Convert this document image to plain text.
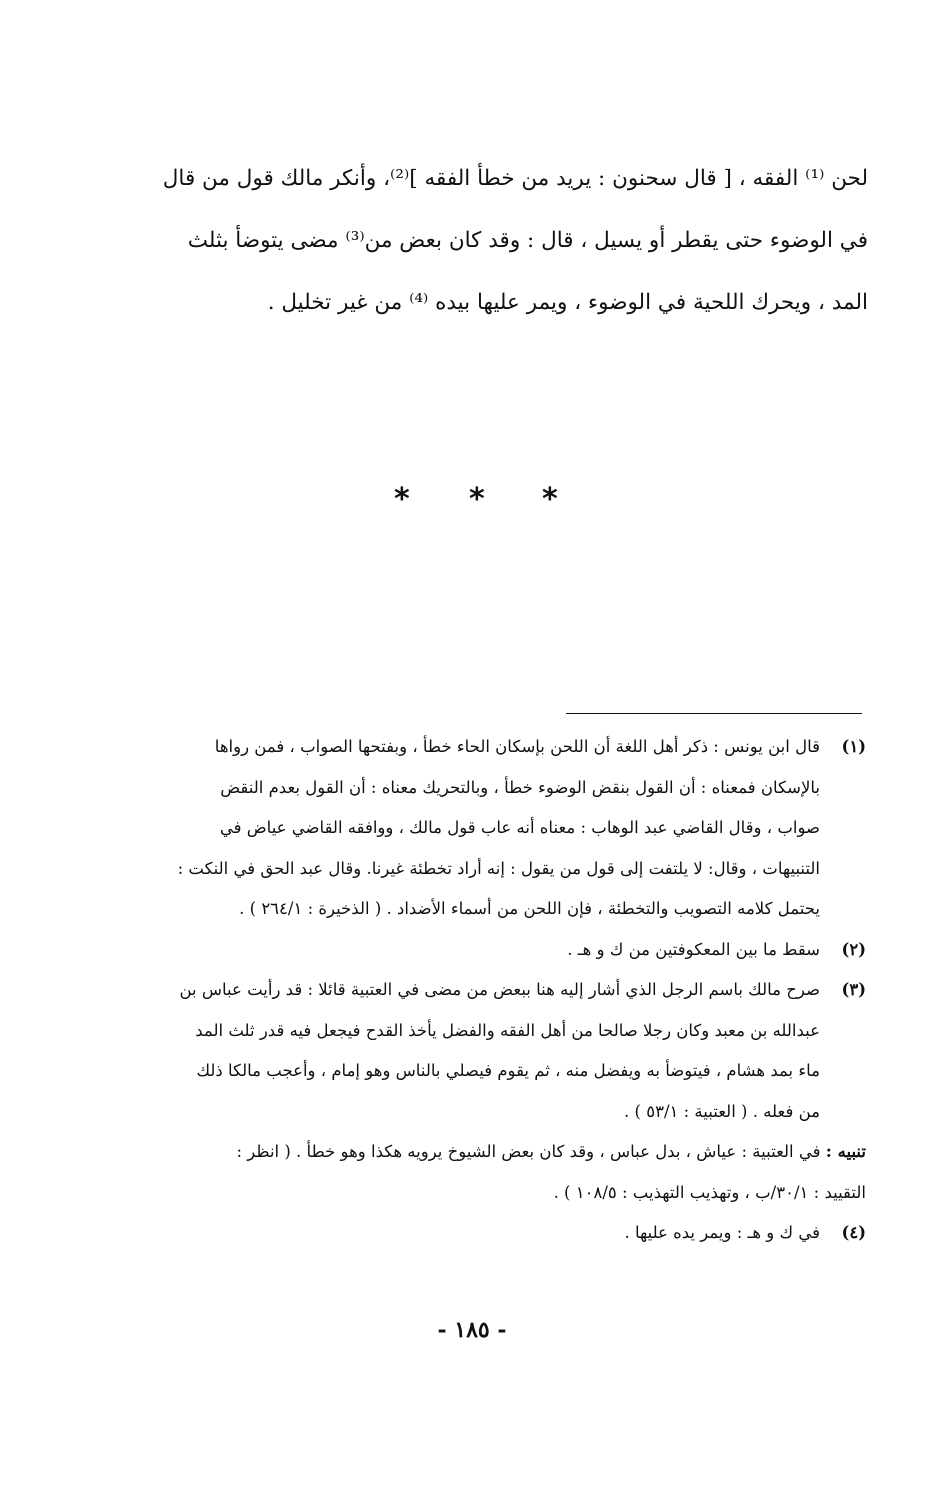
لحن ⁽¹⁾ الفقه ، [ قال سحنون : يريد من خطأ الفقه ]⁽²⁾، وأنكر مالك قول من قال
في الوضوء حتى يقطر أو يسيل ، قال : وقد كان بعض من⁽³⁾ مضى يتوضأ بثلث
المد ، ويحرك اللحية في الوضوء ، ويمر عليها بيده ⁽⁴⁾ من غير تخليل .
* * *
(١)
قال ابن يونس : ذكر أهل اللغة أن اللحن بإسكان الحاء خطأ ، وبفتحها الصواب ، فمن رواها
بالإسكان فمعناه : أن القول بنقض الوضوء خطأ ، وبالتحريك معناه : أن القول بعدم النقض
صواب ، وقال القاضي عبد الوهاب : معناه أنه عاب قول مالك ، ووافقه القاضي عياض في
التنبيهات ، وقال: لا يلتفت إلى قول من يقول : إنه أراد تخطئة غيرنا. وقال عبد الحق في النكت :
يحتمل كلامه التصويب والتخطئة ، فإن اللحن من أسماء الأضداد . ( الذخيرة : ٢٦٤/١ ) .
(٢)
سقط ما بين المعكوفتين من ك و هـ .
(٣)
صرح مالك باسم الرجل الذي أشار إليه هنا ببعض من مضى في العتبية قائلا : قد رأيت عباس بن
عبدالله بن معبد وكان رجلا صالحا من أهل الفقه والفضل يأخذ القدح فيجعل فيه قدر ثلث المد
ماء بمد هشام ، فيتوضأ به ويفضل منه ، ثم يقوم فيصلي بالناس وهو إمام ، وأعجب مالكا ذلك
من فعله . ( العتبية : ٥٣/١ ) .
تنبيه : في العتبية : عياش ، بدل عباس ، وقد كان بعض الشيوخ يرويه هكذا وهو خطأ . ( انظر :
التقييد : ٣٠/١/ب ، وتهذيب التهذيب : ١٠٨/٥ ) .
(٤)
في ك و هـ : ويمر يده عليها .
- ١٨٥ -
